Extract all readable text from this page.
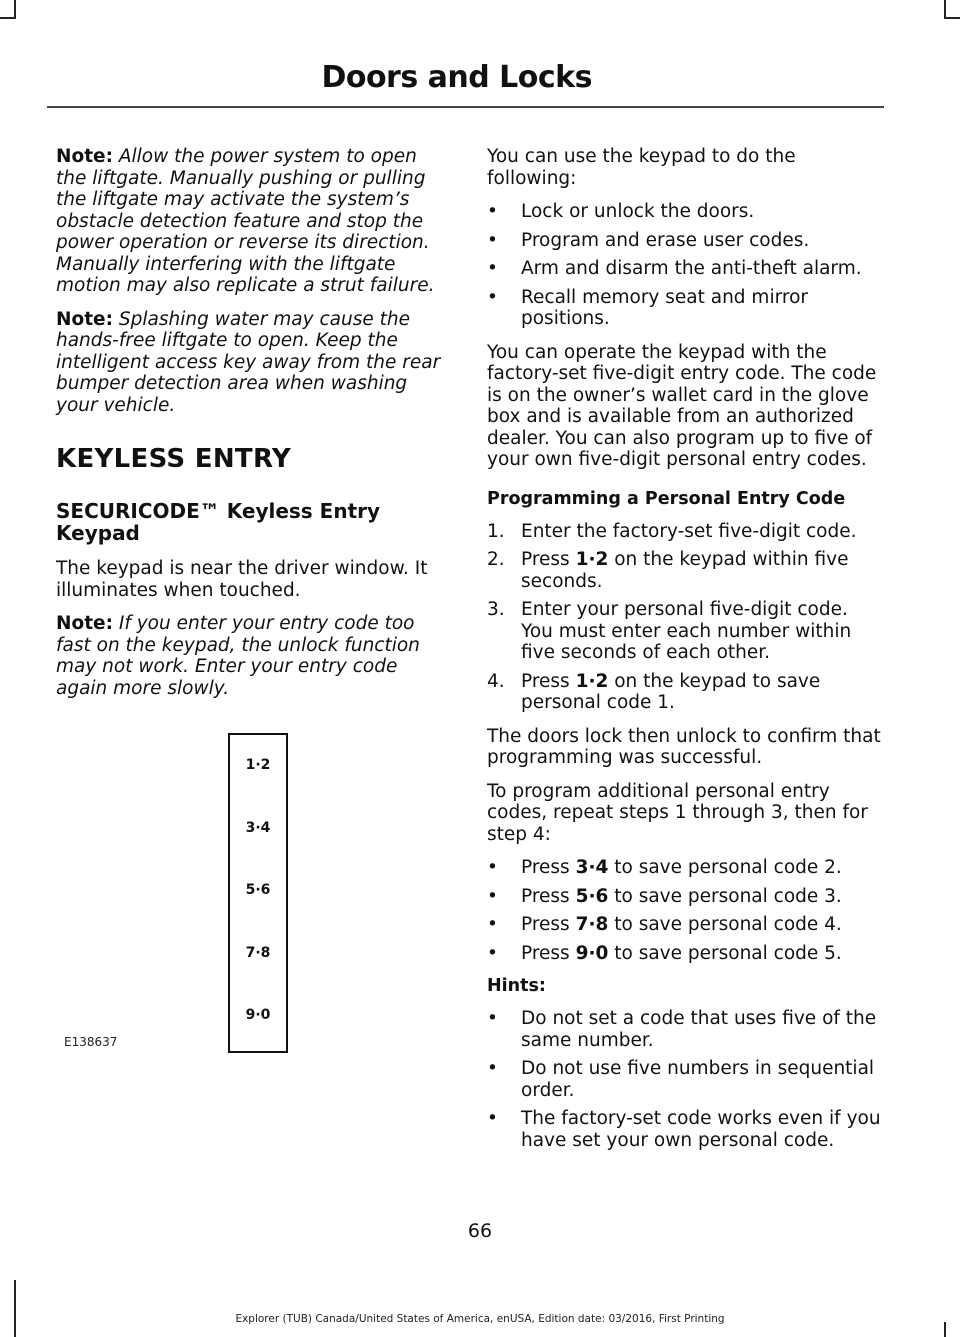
Doors and Locks

Note: Allow the power system to open the liftgate. Manually pushing or pulling the liftgate may activate the system’s obstacle detection feature and stop the power operation or reverse its direction. Manually interfering with the liftgate motion may also replicate a strut failure.

Note: Splashing water may cause the hands-free liftgate to open. Keep the intelligent access key away from the rear bumper detection area when washing your vehicle.

KEYLESS ENTRY
SECURICODE™ Keyless Entry Keypad

The keypad is near the driver window. It illuminates when touched.

Note: If you enter your entry code too fast on the keypad, the unlock function may not work. Enter your entry code again more slowly.

1·2
3·4
5·6
7·8
9·0
E138637

You can use the keypad to do the following:

• Lock or unlock the doors.
• Program and erase user codes.
• Arm and disarm the anti-theft alarm.
• Recall memory seat and mirror positions.

You can operate the keypad with the factory-set five-digit entry code. The code is on the owner’s wallet card in the glove box and is available from an authorized dealer. You can also program up to five of your own five-digit personal entry codes.

Programming a Personal Entry Code
1. Enter the factory-set five-digit code.
2. Press 1·2 on the keypad within five seconds.
3. Enter your personal five-digit code. You must enter each number within five seconds of each other.
4. Press 1·2 on the keypad to save personal code 1.

The doors lock then unlock to confirm that programming was successful.

To program additional personal entry codes, repeat steps 1 through 3, then for step 4:

• Press 3·4 to save personal code 2.
• Press 5·6 to save personal code 3.
• Press 7·8 to save personal code 4.
• Press 9·0 to save personal code 5.
Hints:
• Do not set a code that uses five of the same number.
• Do not use five numbers in sequential order.
• The factory-set code works even if you have set your own personal code.
66
Explorer (TUB) Canada/United States of America, enUSA, Edition date: 03/2016, First Printing
